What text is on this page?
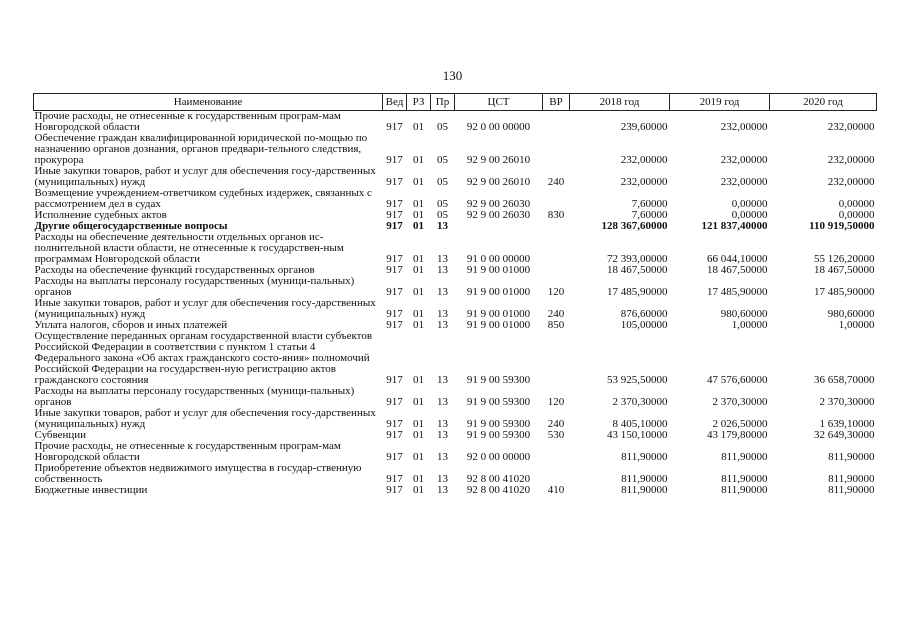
130
Наименование	Вед	РЗ	Пр	ЦСТ	ВР	2018 год	2019 год	2020 год
Прочие расходы, не отнесенные к государственным програм-мам Новгородской области	917	01	05	92 0 00 00000		239,60000	232,00000	232,00000
Обеспечение граждан квалифицированной юридической по-мощью по назначению органов дознания, органов предвари-тельного следствия, прокурора	917	01	05	92 9 00 26010		232,00000	232,00000	232,00000
Иные закупки товаров, работ и услуг для обеспечения госу-дарственных (муниципальных) нужд	917	01	05	92 9 00 26010	240	232,00000	232,00000	232,00000
Возмещение учреждением-ответчиком судебных издержек, связанных с рассмотрением дел в судах	917	01	05	92 9 00 26030		7,60000	0,00000	0,00000
Исполнение судебных актов	917	01	05	92 9 00 26030	830	7,60000	0,00000	0,00000
Другие общегосударственные вопросы	917	01	13			128 367,60000	121 837,40000	110 919,50000
Расходы на обеспечение деятельности отдельных органов ис-полнительной власти области, не отнесенные к государствен-ным программам Новгородской области	917	01	13	91 0 00 00000		72 393,00000	66 044,10000	55 126,20000
Расходы на обеспечение функций государственных органов	917	01	13	91 9 00 01000		18 467,50000	18 467,50000	18 467,50000
Расходы на выплаты персоналу государственных (муници-пальных) органов	917	01	13	91 9 00 01000	120	17 485,90000	17 485,90000	17 485,90000
Иные закупки товаров, работ и услуг для обеспечения госу-дарственных (муниципальных) нужд	917	01	13	91 9 00 01000	240	876,60000	980,60000	980,60000
Уплата налогов, сборов и иных платежей	917	01	13	91 9 00 01000	850	105,00000	1,00000	1,00000
Осуществление переданных органам государственной власти субъектов Российской Федерации в соответствии с пунктом 1 статьи 4 Федерального закона «Об актах гражданского состо-яния» полномочий Российской Федерации на государствен-ную регистрацию актов гражданского состояния	917	01	13	91 9 00 59300		53 925,50000	47 576,60000	36 658,70000
Расходы на выплаты персоналу государственных (муници-пальных) органов	917	01	13	91 9 00 59300	120	2 370,30000	2 370,30000	2 370,30000
Иные закупки товаров, работ и услуг для обеспечения госу-дарственных (муниципальных) нужд	917	01	13	91 9 00 59300	240	8 405,10000	2 026,50000	1 639,10000
Субвенции	917	01	13	91 9 00 59300	530	43 150,10000	43 179,80000	32 649,30000
Прочие расходы, не отнесенные к государственным програм-мам Новгородской области	917	01	13	92 0 00 00000		811,90000	811,90000	811,90000
Приобретение объектов недвижимого имущества в государ-ственную собственность	917	01	13	92 8 00 41020		811,90000	811,90000	811,90000
Бюджетные инвестиции	917	01	13	92 8 00 41020	410	811,90000	811,90000	811,90000
